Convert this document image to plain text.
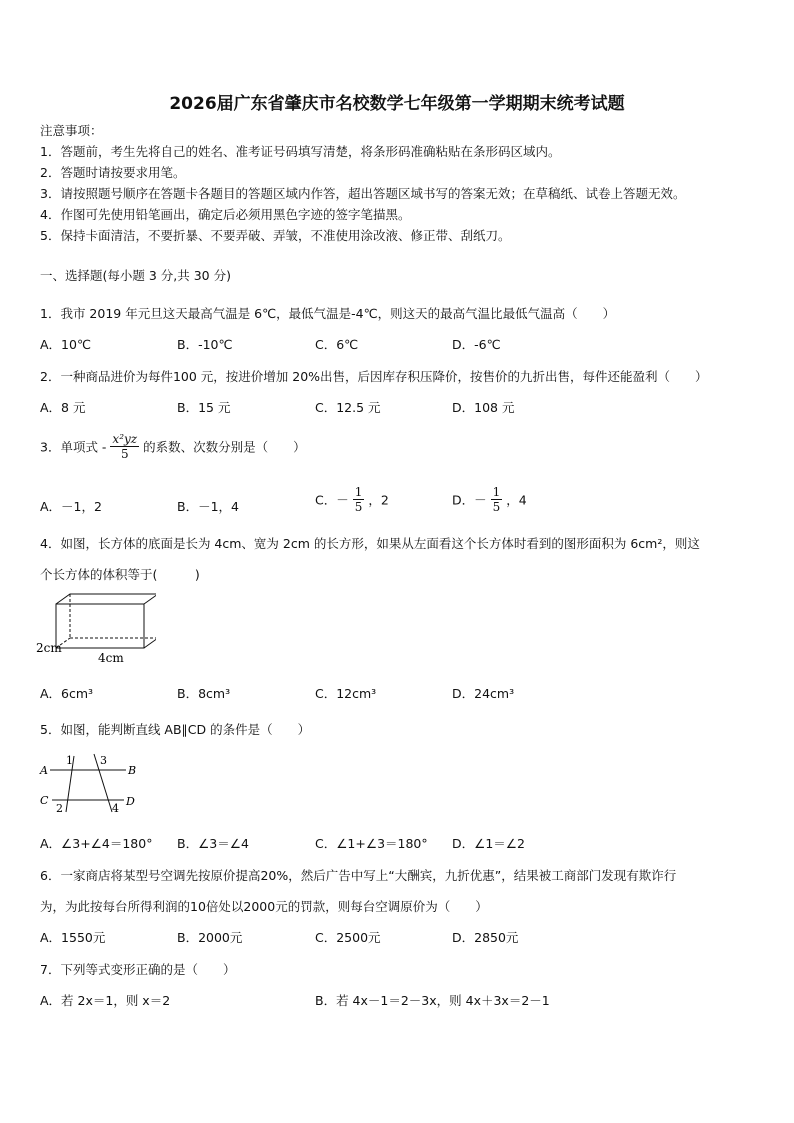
2026届广东省肇庆市名校数学七年级第一学期期末统考试题
注意事项：
1．答题前，考生先将自己的姓名、准考证号码填写清楚，将条形码准确粘贴在条形码区域内。
2．答题时请按要求用笔。
3．请按照题号顺序在答题卡各题目的答题区域内作答，超出答题区域书写的答案无效；在草稿纸、试卷上答题无效。
4．作图可先使用铅笔画出，确定后必须用黑色字迹的签字笔描黑。
5．保持卡面清洁，不要折暴、不要弄破、弄皱，不准使用涂改液、修正带、刮纸刀。
一、选择题(每小题 3 分,共 30 分)
1．我市 2019 年元旦这天最高气温是 6℃，最低气温是-4℃，则这天的最高气温比最低气温高（　　）
A．10℃	B．-10℃	C．6℃	D．-6℃
2．一种商品进价为每件100 元，按进价增加 20%出售，后因库存积压降价，按售价的九折出售，每件还能盈利（　　）
A．8 元	B．15 元	C．12.5 元	D．108 元
3．单项式 - $\frac{\text{x²yz}}{5}$ 的系数、次数分别是（　　）
A．－1，2	B．－1，4	C．－ $\frac{1}{5}$ ，2	D．－ $\frac{1}{5}$ ，4
4．如图，长方体的底面是长为 4cm、宽为 2cm 的长方形，如果从左面看这个长方体时看到的图形面积为 6cm²，则这
个长方体的体积等于(　　　)
2cm
4cm
A．6cm³	B．8cm³	C．12cm³	D．24cm³
5．如图，能判断直线 AB∥CD 的条件是（　　）
A	B
C	D
1
2
3
4
A．∠3+∠4＝180° B．∠3＝∠4	C．∠1+∠3＝180° D．∠1＝∠2
6．一家商店将某型号空调先按原价提高20%，然后广告中写上“大酬宾，九折优惠”，结果被工商部门发现有欺诈行
为，为此按每台所得利润的10倍处以2000元的罚款，则每台空调原价为（　　）
A．1550元	B．2000元	C．2500元	D．2850元
7．下列等式变形正确的是（　　）
A．若 2x＝1，则 x＝2	B．若 4x－1＝2－3x，则 4x＋3x＝2－1
